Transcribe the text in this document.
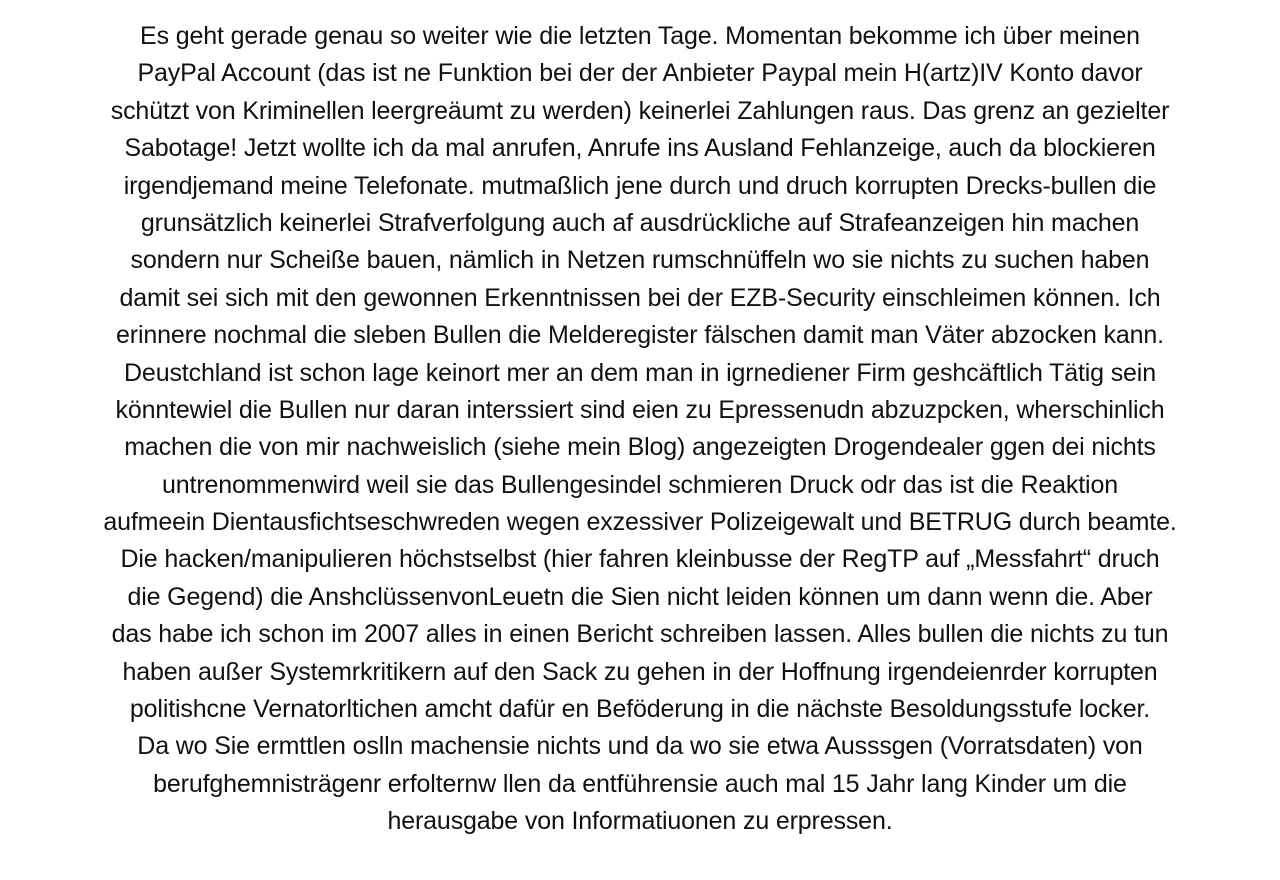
Es geht gerade genau so weiter wie die letzten Tage. Momentan bekomme ich über meinen
PayPal Account (das ist ne Funktion bei der der Anbieter Paypal mein H(artz)IV Konto davor
schützt von Kriminellen leergreäumt zu werden) keinerlei Zahlungen raus. Das grenz an gezielter
Sabotage! Jetzt wollte ich da mal anrufen, Anrufe ins Ausland Fehlanzeige, auch da blockieren
irgendjemand meine Telefonate. mutmaßlich jene durch und druch korrupten Drecks-bullen die
grunsätzlich keinerlei Strafverfolgung auch af ausdrückliche auf Strafeanzeigen hin machen
sondern nur Scheiße bauen, nämlich in Netzen rumschnüffeln wo sie nichts zu suchen haben
damit sei sich mit den gewonnen Erkenntnissen bei der EZB-Security einschleimen können. Ich
erinnere nochmal die sleben Bullen die Melderegister fälschen damit man Väter abzocken kann.
Deustchland ist schon lage keinort mer an dem man in igrnediener Firm geshcäftlich Tätig sein
könntewiel die Bullen nur daran interssiert sind eien zu Epressenudn abzuzpcken, wherschinlich
machen die von mir nachweislich (siehe mein Blog) angezeigten Drogendealer ggen dei nichts
untrenommenwird weil sie das Bullengesindel schmieren Druck odr das ist die Reaktion
aufmeein Dientausfichtseschwreden wegen exzessiver Polizeigewalt und BETRUG durch beamte.
Die hacken/manipulieren höchstselbst (hier fahren kleinbusse der RegTP auf „Messfahrt“ druch
die Gegend) die AnshclüssenvonLeuetn die Sien nicht leiden können um dann wenn die. Aber
das habe ich schon im 2007 alles in einen Bericht schreiben lassen. Alles bullen die nichts zu tun
haben außer Systemrkritikern auf den Sack zu gehen in der Hoffnung irgendeienrder korrupten
politishcne Vernatorltichen amcht dafür en Beföderung in die nächste Besoldungsstufe locker.
Da wo Sie ermttlen oslln machensie nichts und da wo sie etwa Ausssgen (Vorratsdaten) von
berufghemnisträgenr erfolternw llen da entführensie auch mal 15 Jahr lang Kinder um die
herausgabe von Informatiuonen zu erpressen.
